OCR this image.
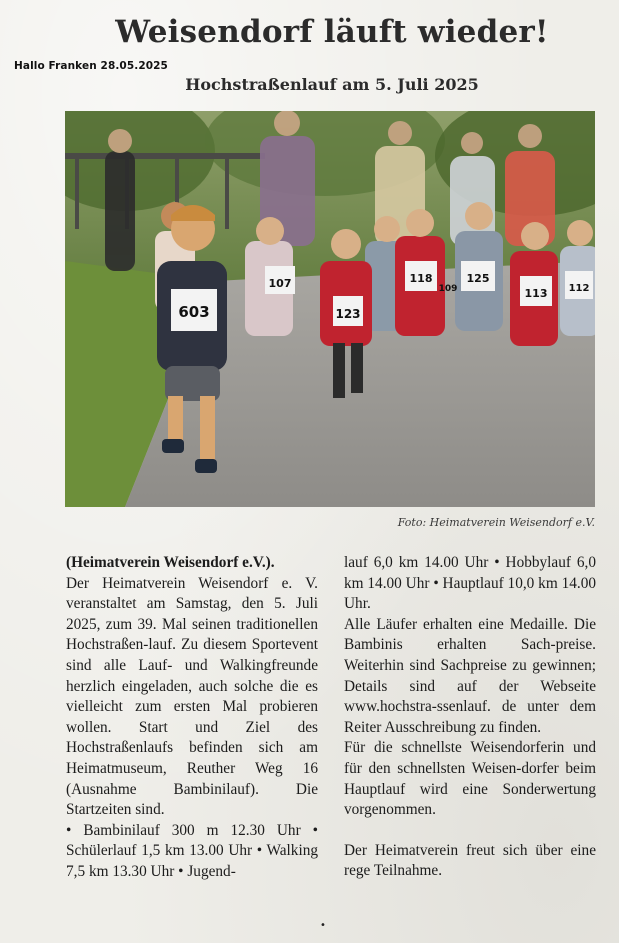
Hallo Franken 28.05.2025
Weisendorf läuft wieder!
Hochstraßenlauf am 5. Juli 2025
603
107
123
118	125
113 112
109
Foto: Heimatverein Weisendorf e.V.

(Heimatverein Weisendorf e.V.).

Der Heimatverein Weisendorf e. V. veranstaltet am Samstag, den 5. Juli 2025, zum 39. Mal seinen traditionellen Hochstraßen-lauf. Zu diesem Sportevent sind alle Lauf- und Walkingfreunde herzlich eingeladen, auch solche die es vielleicht zum ersten Mal probieren wollen. Start und Ziel des Hochstraßenlaufs befinden sich am Heimatmuseum, Reuther Weg 16 (Ausnahme Bambinilauf). Die Startzeiten sind.

• Bambinilauf 300 m 12.30 Uhr • Schülerlauf 1,5 km 13.00 Uhr • Walking 7,5 km 13.30 Uhr • Jugend-

lauf 6,0 km 14.00 Uhr • Hobbylauf 6,0 km 14.00 Uhr • Hauptlauf 10,0 km 14.00 Uhr.

Alle Läufer erhalten eine Medaille. Die Bambinis erhalten Sach-preise. Weiterhin sind Sachpreise zu gewinnen; Details sind auf der Webseite www.hochstra-ssenlauf. de unter dem Reiter Ausschreibung zu finden.

Für die schnellste Weisendorferin und für den schnellsten Weisen-dorfer beim Hauptlauf wird eine Sonderwertung vorgenommen.

Der Heimatverein freut sich über eine rege Teilnahme.

•
